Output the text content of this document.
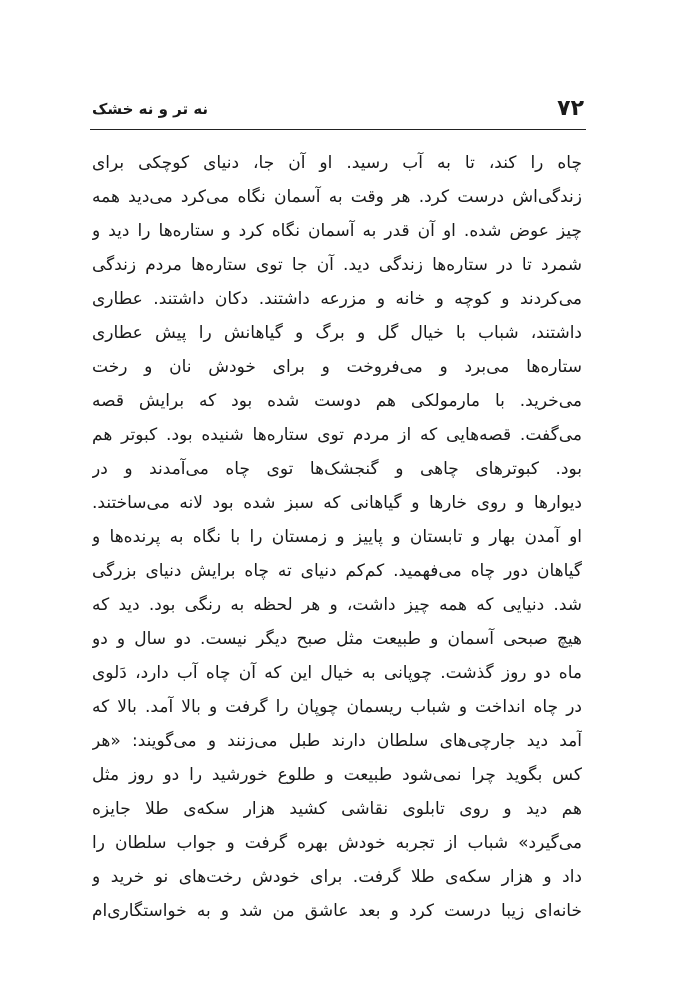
۷۲
نه تر و نه خشک
چاه را کند، تا به آب رسید. او آن جا، دنیای کوچکی برای
زندگی‌اش درست کرد. هر وقت به آسمان نگاه می‌کرد می‌دید همه
چیز عوض شده. او آن قدر به آسمان نگاه کرد و ستاره‌ها را دید و
شمرد تا در ستاره‌ها زندگی دید. آن جا توی ستاره‌ها مردم زندگی
می‌کردند و کوچه و خانه و مزرعه داشتند. دکان داشتند. عطاری
داشتند، شباب با خیال گل و برگ و گیاهانش را پیش عطاری
ستاره‌ها می‌برد و می‌فروخت و برای خودش نان و رخت
می‌خرید. با مارمولکی هم دوست شده بود که برایش قصه
می‌گفت. قصه‌هایی که از مردم توی ستاره‌ها شنیده بود. کبوتر هم
بود. کبوترهای چاهی و گنجشک‌ها توی چاه می‌آمدند و در
دیوارها و روی خارها و گیاهانی که سبز شده بود لانه می‌ساختند.
او آمدن بهار و تابستان و پاییز و زمستان را با نگاه به پرنده‌ها و
گیاهان دور چاه می‌فهمید. کم‌کم دنیای ته چاه برایش دنیای بزرگی
شد. دنیایی که همه چیز داشت، و هر لحظه به رنگی بود. دید که
هیچ صبحی آسمان و طبیعت مثل صبح دیگر نیست. دو سال و دو
ماه دو روز گذشت. چوپانی به خیال این که آن چاه آب دارد، دَلوی
در چاه انداخت و شباب ریسمان چوپان را گرفت و بالا آمد. بالا که
آمد دید جارچی‌های سلطان دارند طبل می‌زنند و می‌گویند: «هر
کس بگوید چرا نمی‌شود طبیعت و طلوع خورشید را دو روز مثل
هم دید و روی تابلوی نقاشی کشید هزار سکه‌ی طلا جایزه
می‌گیرد» شباب از تجربه خودش بهره گرفت و جواب سلطان را
داد و هزار سکه‌ی طلا گرفت. برای خودش رخت‌های نو خرید و
خانه‌ای زیبا درست کرد و بعد عاشق من شد و به خواستگاری‌ام
